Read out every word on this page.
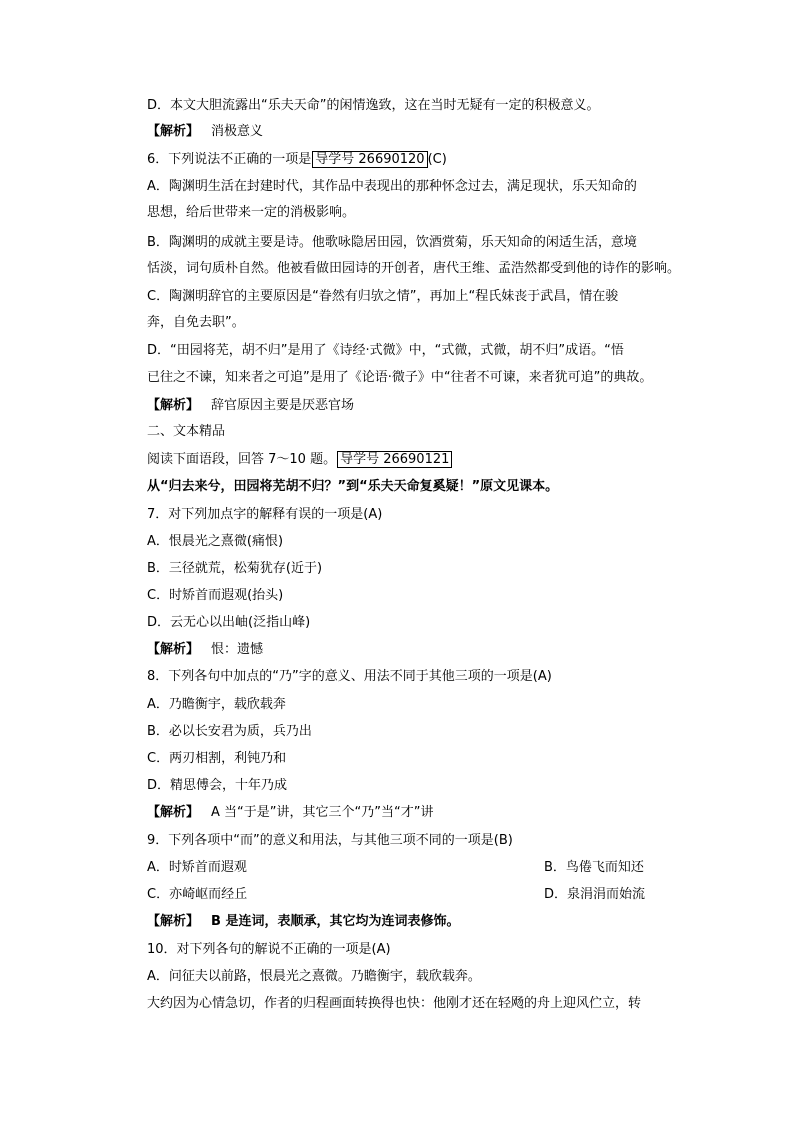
D．本文大胆流露出“乐夫天命”的闲情逸致，这在当时无疑有一定的积极意义。
【解析】 消极意义
6．下列说法不正确的一项是 导学号 26690120 (C)
A．陶渊明生活在封建时代，其作品中表现出的那种怀念过去，满足现状，乐天知命的
思想，给后世带来一定的消极影响。
B．陶渊明的成就主要是诗。他歌咏隐居田园，饮酒赏菊，乐天知命的闲适生活，意境
恬淡，词句质朴自然。他被看做田园诗的开创者，唐代王维、孟浩然都受到他的诗作的影响。
C．陶渊明辞官的主要原因是“眷然有归欤之情”，再加上“程氏妹丧于武昌，情在骏
奔，自免去职”。
D．“田园将芜，胡不归”是用了《诗经·式微》中，“式微，式微，胡不归”成语。“悟
已往之不谏，知来者之可追”是用了《论语·微子》中“往者不可谏，来者犹可追”的典故。
【解析】 辞官原因主要是厌恶官场
二、文本精品
阅读下面语段，回答 7～10 题。 导学号 26690121
从“归去来兮，田园将芜胡不归？”到“乐夫天命复奚疑！”原文见课本。
7．对下列加点字的解释有误的一项是(A)
A．恨晨光之熹微(痛恨)
B．三径就荒，松菊犹存(近于)
C．时矫首而遐观(抬头)
D．云无心以出岫(泛指山峰)
【解析】 恨：遗憾
8．下列各句中加点的“乃”字的意义、用法不同于其他三项的一项是(A)
A．乃瞻衡宇，载欣载奔
B．必以长安君为质，兵乃出
C．两刃相割，利钝乃和
D．精思傅会，十年乃成
【解析】 A 当“于是”讲，其它三个“乃”当“才”讲
9．下列各项中“而”的意义和用法，与其他三项不同的一项是(B)
A．时矫首而遐观	B．鸟倦飞而知还
C．亦崎岖而经丘	D．泉涓涓而始流
【解析】 B 是连词，表顺承，其它均为连词表修饰。
10．对下列各句的解说不正确的一项是(A)
A．问征夫以前路，恨晨光之熹微。乃瞻衡宇，载欣载奔。
大约因为心情急切，作者的归程画面转换得也快：他刚才还在轻飏的舟上迎风伫立，转
